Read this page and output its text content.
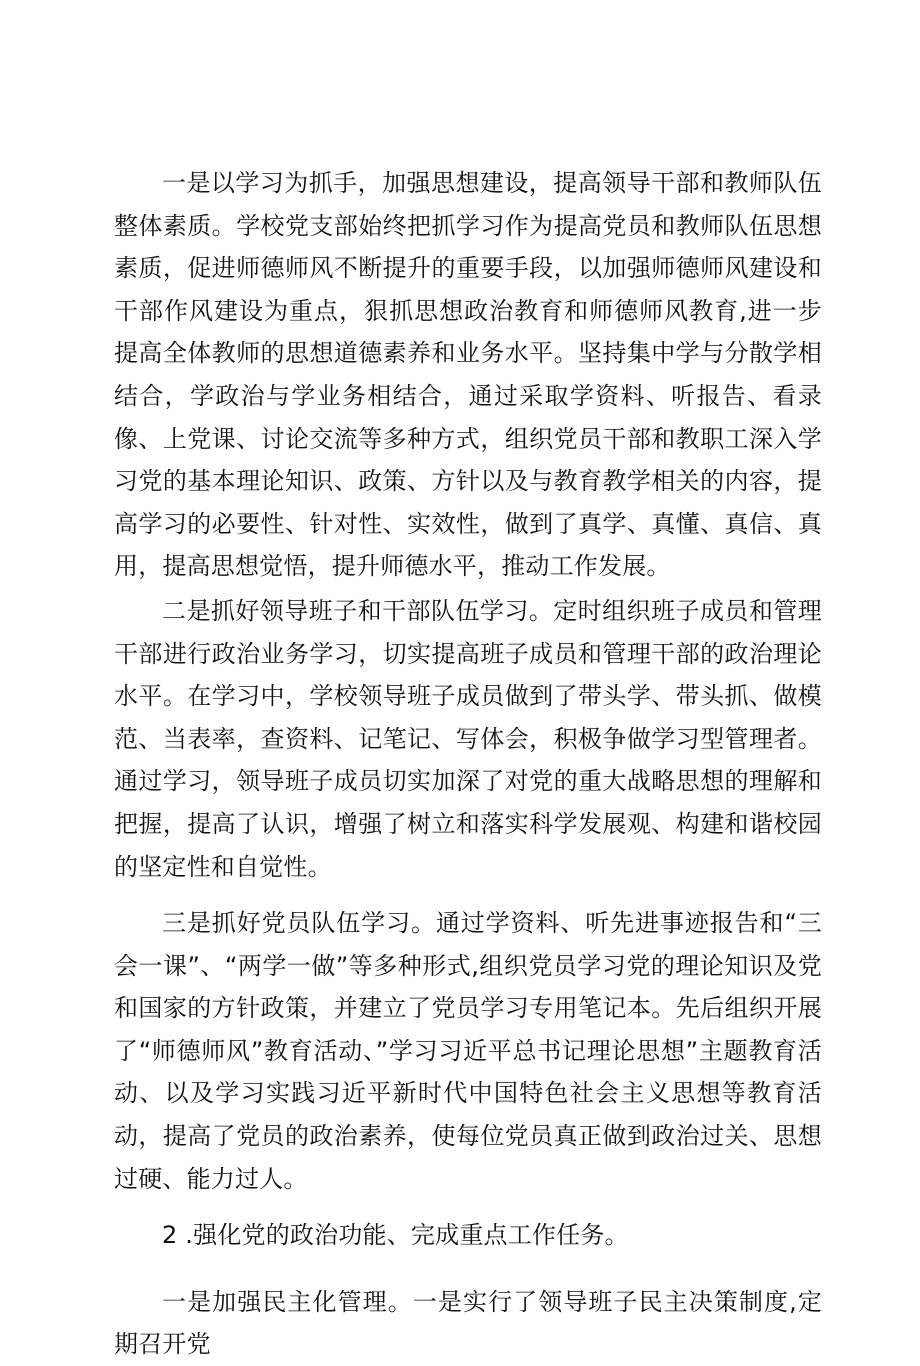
一是以学习为抓手，加强思想建设，提高领导干部和教师队伍整体素质。学校党支部始终把抓学习作为提高党员和教师队伍思想素质，促进师德师风不断提升的重要手段，以加强师德师风建设和干部作风建设为重点，狠抓思想政治教育和师德师风教育,进一步提高全体教师的思想道德素养和业务水平。坚持集中学与分散学相结合，学政治与学业务相结合，通过采取学资料、听报告、看录像、上党课、讨论交流等多种方式，组织党员干部和教职工深入学习党的基本理论知识、政策、方针以及与教育教学相关的内容，提高学习的必要性、针对性、实效性，做到了真学、真懂、真信、真用，提高思想觉悟，提升师德水平，推动工作发展。

二是抓好领导班子和干部队伍学习。定时组织班子成员和管理干部进行政治业务学习，切实提高班子成员和管理干部的政治理论水平。在学习中，学校领导班子成员做到了带头学、带头抓、做模范、当表率，查资料、记笔记、写体会，积极争做学习型管理者。通过学习，领导班子成员切实加深了对党的重大战略思想的理解和把握，提高了认识，增强了树立和落实科学发展观、构建和谐校园的坚定性和自觉性。

三是抓好党员队伍学习。通过学资料、听先进事迹报告和“三会一课”、“两学一做”等多种形式,组织党员学习党的理论知识及党和国家的方针政策，并建立了党员学习专用笔记本。先后组织开展了“师德师风”教育活动、”学习习近平总书记理论思想”主题教育活动、以及学习实践习近平新时代中国特色社会主义思想等教育活动，提高了党员的政治素养，使每位党员真正做到政治过关、思想过硬、能力过人。

2 .强化党的政治功能、完成重点工作任务。

一是加强民主化管理。一是实行了领导班子民主决策制度,定期召开党
